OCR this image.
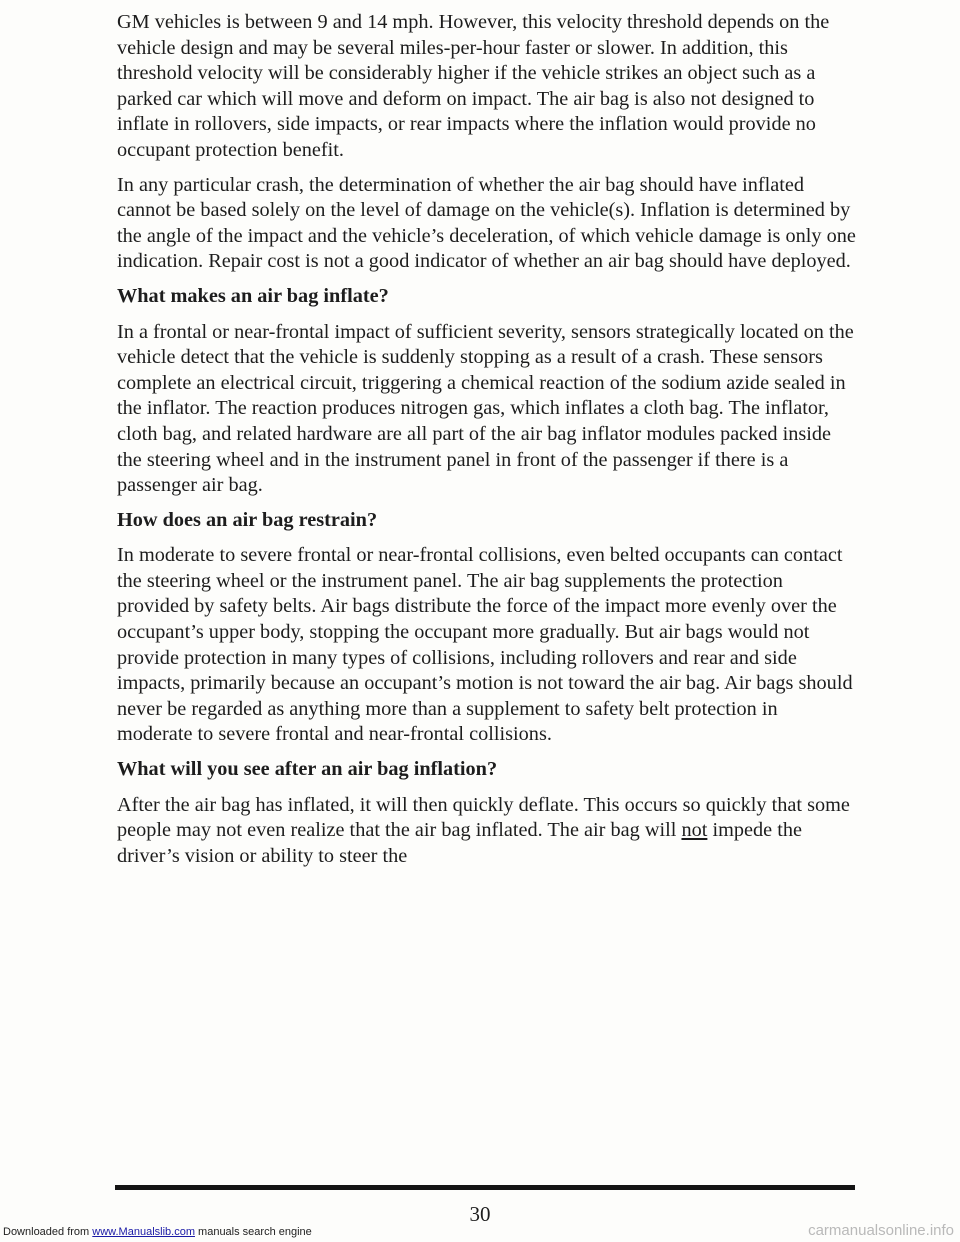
GM vehicles is between 9 and 14 mph. However, this velocity threshold depends on the vehicle design and may be several miles-per-hour faster or slower. In addition, this threshold velocity will be considerably higher if the vehicle strikes an object such as a parked car which will move and deform on impact. The air bag is also not designed to inflate in rollovers, side impacts, or rear impacts where the inflation would provide no occupant protection benefit.

In any particular crash, the determination of whether the air bag should have inflated cannot be based solely on the level of damage on the vehicle(s). Inflation is determined by the angle of the impact and the vehicle’s deceleration, of which vehicle damage is only one indication. Repair cost is not a good indicator of whether an air bag should have deployed.

What makes an air bag inflate?

In a frontal or near-frontal impact of sufficient severity, sensors strategically located on the vehicle detect that the vehicle is suddenly stopping as a result of a crash. These sensors complete an electrical circuit, triggering a chemical reaction of the sodium azide sealed in the inflator. The reaction produces nitrogen gas, which inflates a cloth bag. The inflator, cloth bag, and related hardware are all part of the air bag inflator modules packed inside the steering wheel and in the instrument panel in front of the passenger if there is a passenger air bag.

How does an air bag restrain?

In moderate to severe frontal or near-frontal collisions, even belted occupants can contact the steering wheel or the instrument panel. The air bag supplements the protection provided by safety belts. Air bags distribute the force of the impact more evenly over the occupant’s upper body, stopping the occupant more gradually. But air bags would not provide protection in many types of collisions, including rollovers and rear and side impacts, primarily because an occupant’s motion is not toward the air bag. Air bags should never be regarded as anything more than a supplement to safety belt protection in moderate to severe frontal and near-frontal collisions.

What will you see after an air bag inflation?

After the air bag has inflated, it will then quickly deflate. This occurs so quickly that some people may not even realize that the air bag inflated. The air bag will not impede the driver’s vision or ability to steer the

30
Downloaded from www.Manualslib.com manuals search engine	carmanualsonline.info
